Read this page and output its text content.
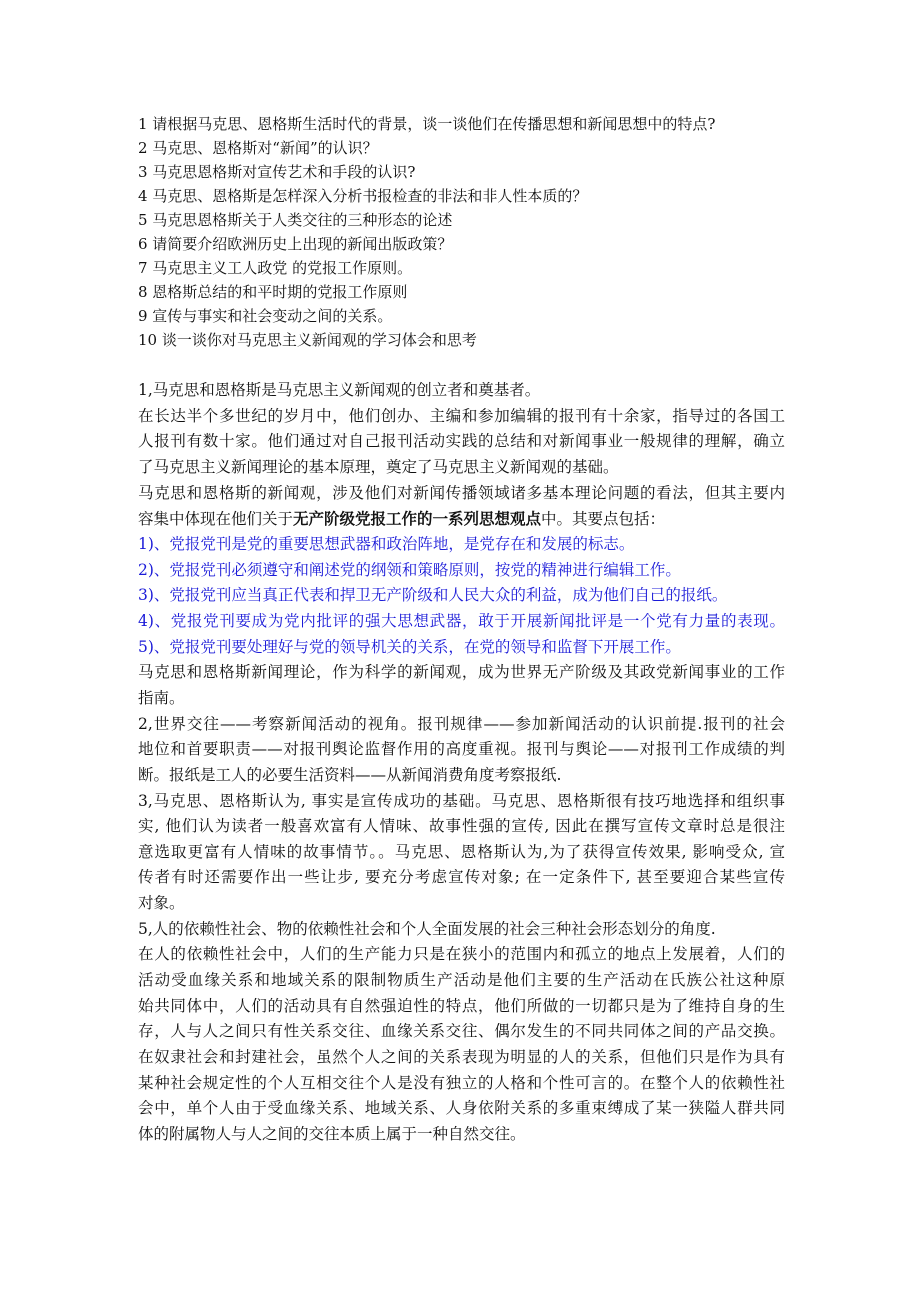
1 请根据马克思、恩格斯生活时代的背景，谈一谈他们在传播思想和新闻思想中的特点?
2 马克思、恩格斯对“新闻”的认识？
3 马克思恩格斯对宣传艺术和手段的认识?
4 马克思、恩格斯是怎样深入分析书报检查的非法和非人性本质的？
5 马克思恩格斯关于人类交往的三种形态的论述
6 请简要介绍欧洲历史上出现的新闻出版政策？
7 马克思主义工人政党 的党报工作原则。
8 恩格斯总结的和平时期的党报工作原则
9 宣传与事实和社会变动之间的关系。
10 谈一谈你对马克思主义新闻观的学习体会和思考
1,马克思和恩格斯是马克思主义新闻观的创立者和奠基者。
在长达半个多世纪的岁月中，他们创办、主编和参加编辑的报刊有十余家，指导过的各国工
人报刊有数十家。他们通过对自己报刊活动实践的总结和对新闻事业一般规律的理解，确立
了马克思主义新闻理论的基本原理，奠定了马克思主义新闻观的基础。
马克思和恩格斯的新闻观，涉及他们对新闻传播领域诸多基本理论问题的看法，但其主要内
容集中体现在他们关于无产阶级党报工作的一系列思想观点中。其要点包括：
1)、党报党刊是党的重要思想武器和政治阵地，是党存在和发展的标志。
2)、党报党刊必须遵守和阐述党的纲领和策略原则，按党的精神进行编辑工作。
3)、党报党刊应当真正代表和捍卫无产阶级和人民大众的利益，成为他们自己的报纸。
4)、党报党刊要成为党内批评的强大思想武器，敢于开展新闻批评是一个党有力量的表现。
5)、党报党刊要处理好与党的领导机关的关系，在党的领导和监督下开展工作。
马克思和恩格斯新闻理论，作为科学的新闻观，成为世界无产阶级及其政党新闻事业的工作
指南。
2,世界交往——考察新闻活动的视角。报刊规律——参加新闻活动的认识前提.报刊的社会
地位和首要职责——对报刊舆论监督作用的高度重视。报刊与舆论——对报刊工作成绩的判
断。报纸是工人的必要生活资料——从新闻消费角度考察报纸.
3,马克思、恩格斯认为, 事实是宣传成功的基础。马克思、恩格斯很有技巧地选择和组织事
实, 他们认为读者一般喜欢富有人情味、故事性强的宣传, 因此在撰写宣传文章时总是很注
意选取更富有人情味的故事情节。。马克思、恩格斯认为,为了获得宣传效果, 影响受众, 宣
传者有时还需要作出一些让步, 要充分考虑宣传对象; 在一定条件下, 甚至要迎合某些宣传
对象。
5,人的依赖性社会、物的依赖性社会和个人全面发展的社会三种社会形态划分的角度.
在人的依赖性社会中，人们的生产能力只是在狭小的范围内和孤立的地点上发展着，人们的
活动受血缘关系和地域关系的限制物质生产活动是他们主要的生产活动在氏族公社这种原
始共同体中，人们的活动具有自然强迫性的特点，他们所做的一切都只是为了维持自身的生
存，人与人之间只有性关系交往、血缘关系交往、偶尔发生的不同共同体之间的产品交换。
在奴隶社会和封建社会，虽然个人之间的关系表现为明显的人的关系，但他们只是作为具有
某种社会规定性的个人互相交往个人是没有独立的人格和个性可言的。在整个人的依赖性社
会中，单个人由于受血缘关系、地域关系、人身依附关系的多重束缚成了某一狭隘人群共同
体的附属物人与人之间的交往本质上属于一种自然交往。
